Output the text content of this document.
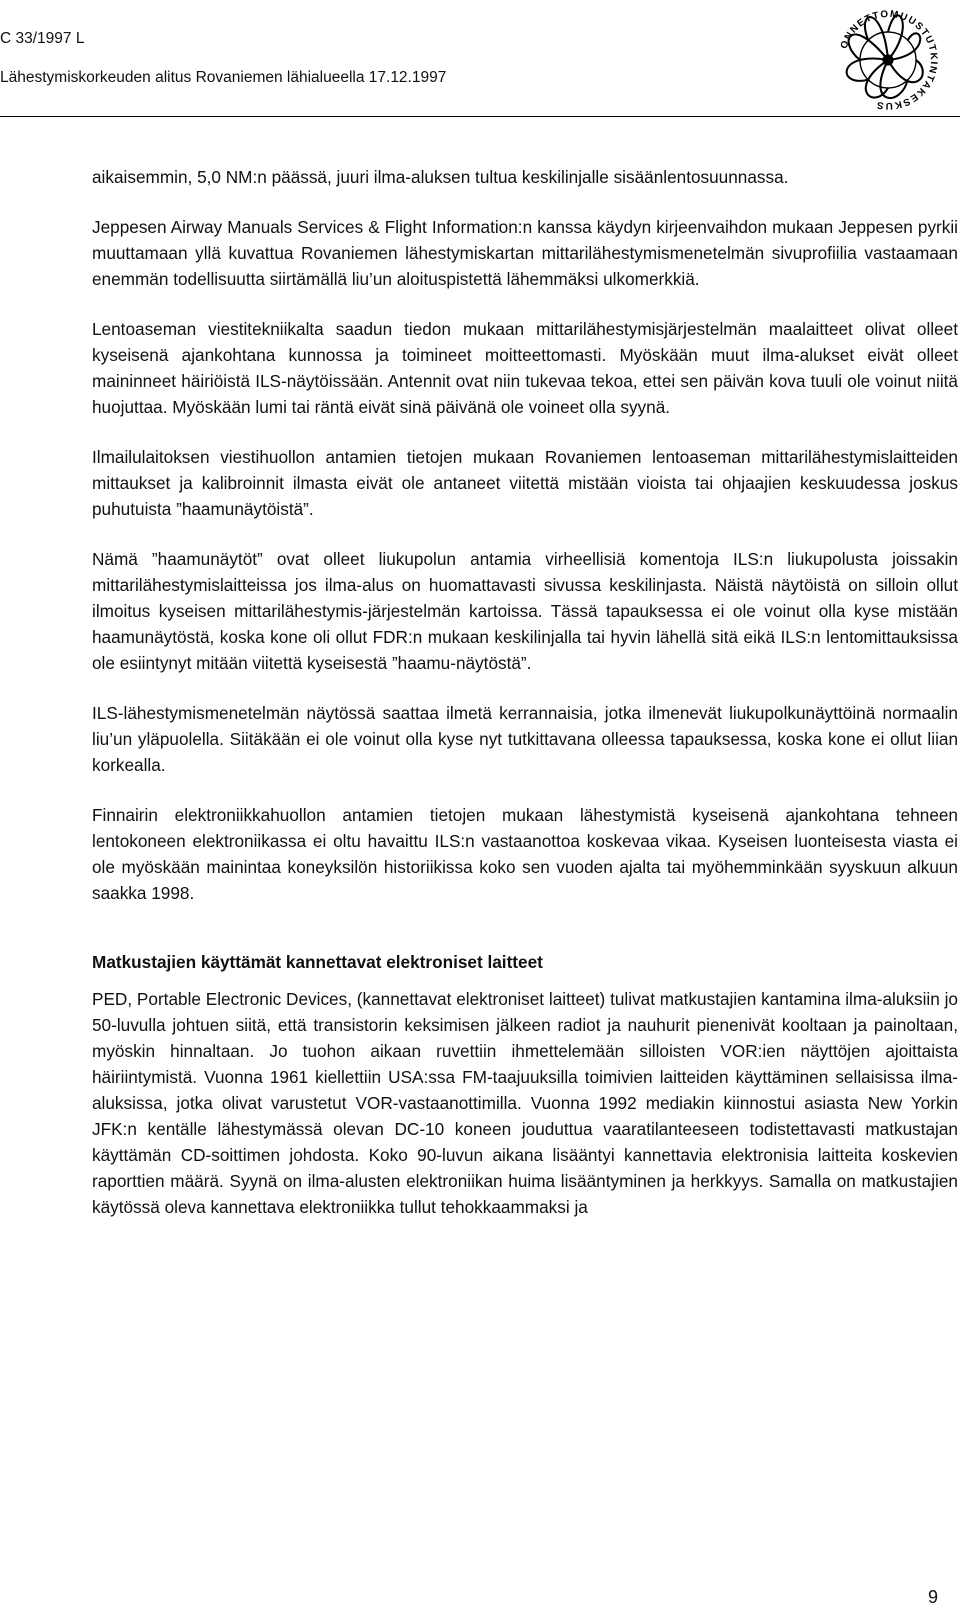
C 33/1997 L
Lähestymiskorkeuden alitus Rovaniemen lähialueella 17.12.1997
ONNETTOMUUSTUTKINTAKESKUS

aikaisemmin, 5,0 NM:n päässä, juuri ilma-aluksen tultua keskilinjalle sisäänlentosuunnassa.

Jeppesen Airway Manuals Services & Flight Information:n kanssa käydyn kirjeenvaihdon mukaan Jeppesen pyrkii muuttamaan yllä kuvattua Rovaniemen lähestymiskartan mittarilähestymismenetelmän sivuprofiilia vastaamaan enemmän todellisuutta siirtämällä liu’un aloituspistettä lähemmäksi ulkomerkkiä.

Lentoaseman viestitekniikalta saadun tiedon mukaan mittarilähestymisjärjestelmän maalaitteet olivat olleet kyseisenä ajankohtana kunnossa ja toimineet moitteettomasti. Myöskään muut ilma-alukset eivät olleet maininneet häiriöistä ILS-näytöissään. Antennit ovat niin tukevaa tekoa, ettei sen päivän kova tuuli ole voinut niitä huojuttaa. Myöskään lumi tai räntä eivät sinä päivänä ole voineet olla syynä.

Ilmailulaitoksen viestihuollon antamien tietojen mukaan Rovaniemen lentoaseman mittarilähestymislaitteiden mittaukset ja kalibroinnit ilmasta eivät ole antaneet viitettä mistään vioista tai ohjaajien keskuudessa joskus puhutuista ”haamunäytöistä”.

Nämä ”haamunäytöt” ovat olleet liukupolun antamia virheellisiä komentoja ILS:n liukupolusta joissakin mittarilähestymislaitteissa jos ilma-alus on huomattavasti sivussa keskilinjasta. Näistä näytöistä on silloin ollut ilmoitus kyseisen mittarilähestymis-järjestelmän kartoissa. Tässä tapauksessa ei ole voinut olla kyse mistään haamunäytöstä, koska kone oli ollut FDR:n mukaan keskilinjalla tai hyvin lähellä sitä eikä ILS:n lentomittauksissa ole esiintynyt mitään viitettä kyseisestä ”haamu-näytöstä”.

ILS-lähestymismenetelmän näytössä saattaa ilmetä kerrannaisia, jotka ilmenevät liukupolkunäyttöinä normaalin liu’un yläpuolella. Siitäkään ei ole voinut olla kyse nyt tutkittavana olleessa tapauksessa, koska kone ei ollut liian korkealla.

Finnairin elektroniikkahuollon antamien tietojen mukaan lähestymistä kyseisenä ajankohtana tehneen lentokoneen elektroniikassa ei oltu havaittu ILS:n vastaanottoa koskevaa vikaa. Kyseisen luonteisesta viasta ei ole myöskään mainintaa koneyksilön historiikissa koko sen vuoden ajalta tai myöhemminkään syyskuun alkuun saakka 1998.

Matkustajien käyttämät kannettavat elektroniset laitteet

PED, Portable Electronic Devices, (kannettavat elektroniset laitteet) tulivat matkustajien kantamina ilma-aluksiin jo 50-luvulla johtuen siitä, että transistorin keksimisen jälkeen radiot ja nauhurit pienenivät kooltaan ja painoltaan, myöskin hinnaltaan. Jo tuohon aikaan ruvettiin ihmettelemään silloisten VOR:ien näyttöjen ajoittaista häiriintymistä. Vuonna 1961 kiellettiin USA:ssa FM-taajuuksilla toimivien laitteiden käyttäminen sellaisissa ilma-aluksissa, jotka olivat varustetut VOR-vastaanottimilla. Vuonna 1992 mediakin kiinnostui asiasta New Yorkin JFK:n kentälle lähestymässä olevan DC-10 koneen jouduttua vaaratilanteeseen todistettavasti matkustajan käyttämän CD-soittimen johdosta. Koko 90-luvun aikana lisääntyi kannettavia elektronisia laitteita koskevien raporttien määrä. Syynä on ilma-alusten elektroniikan huima lisääntyminen ja herkkyys. Samalla on matkustajien käytössä oleva kannettava elektroniikka tullut tehokkaammaksi ja

9
